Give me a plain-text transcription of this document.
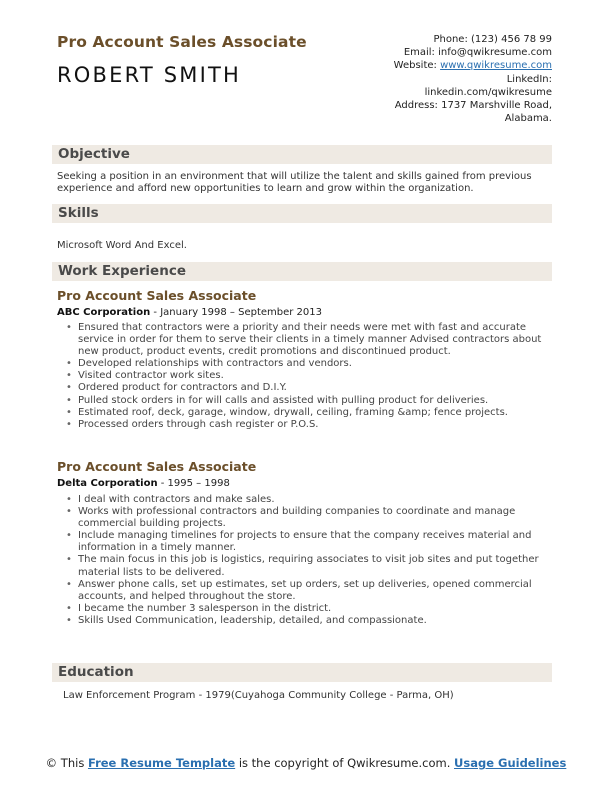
Pro Account Sales Associate
ROBERT SMITH
Phone: (123) 456 78 99
Email: info@qwikresume.com
Website: www.qwikresume.com
LinkedIn:
linkedin.com/qwikresume
Address: 1737 Marshville Road, Alabama.
Objective
Seeking a position in an environment that will utilize the talent and skills gained from previous experience and afford new opportunities to learn and grow within the organization.
Skills
Microsoft Word And Excel.
Work Experience
Pro Account Sales Associate
ABC Corporation - January 1998 – September 2013
• Ensured that contractors were a priority and their needs were met with fast and accurate service in order for them to serve their clients in a timely manner Advised contractors about new product, product events, credit promotions and discontinued product.
• Developed relationships with contractors and vendors.
• Visited contractor work sites.
• Ordered product for contractors and D.I.Y.
• Pulled stock orders in for will calls and assisted with pulling product for deliveries.
• Estimated roof, deck, garage, window, drywall, ceiling, framing &amp; fence projects.
• Processed orders through cash register or P.O.S.
Pro Account Sales Associate
Delta Corporation - 1995 – 1998
• I deal with contractors and make sales.
• Works with professional contractors and building companies to coordinate and manage commercial building projects.
• Include managing timelines for projects to ensure that the company receives material and information in a timely manner.
• The main focus in this job is logistics, requiring associates to visit job sites and put together material lists to be delivered.
• Answer phone calls, set up estimates, set up orders, set up deliveries, opened commercial accounts, and helped throughout the store.
• I became the number 3 salesperson in the district.
• Skills Used Communication, leadership, detailed, and compassionate.
Education
Law Enforcement Program - 1979(Cuyahoga Community College - Parma, OH)
© This Free Resume Template is the copyright of Qwikresume.com. Usage Guidelines
